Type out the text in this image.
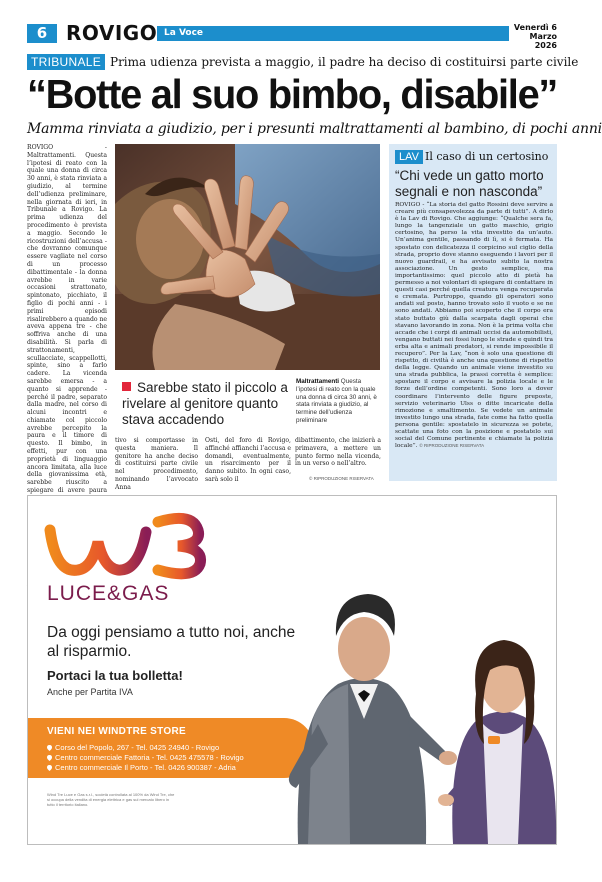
6 ROVIGO La Voce
Venerdì 6
Marzo 2026
TRIBUNALE Prima udienza prevista a maggio, il padre ha deciso di costituirsi parte civile
“Botte al suo bimbo, disabile”
Mamma rinviata a giudizio, per i presunti maltrattamenti al bambino, di pochi anni
ROVIGO - Maltrattamenti. Questa l’ipotesi di reato con la quale una donna di circa 30 anni, è stata rinviata a giudizio, al termine dell’udienza preliminare, nella giornata di ieri, in Tribunale a Rovigo. La prima udienza del procedimento è prevista a maggio. Secondo le ricostruzioni dell’accusa - che dovranno comunque essere vagliate nel corso di un processo dibattimentale - la donna avrebbe in varie occasioni strattonato, spintonato, picchiato, il figlio di pochi anni - i primi episodi risalirebbero a quando ne aveva appena tre - che soffriva anche di una disabilità. Si parla di strattonamenti, scullacciate, scappellotti, spinte, sino a farlo cadere. La vicenda sarebbe emersa - a quanto si apprende - perché il padre, separato dalla madre, nel corso di alcuni incontri e chiamate col piccolo avrebbe percepito la paura e il timore di questo. Il bimbo, in effetti, pur con una proprietà di linguaggio ancora limitata, alla luce della giovanissima età, sarebbe riuscito a spiegare di avere paura
Sarebbe stato il piccolo a rivelare al genitore quanto stava accadendo
Maltrattamenti Questa l’ipotesi di reato con la quale una donna di circa 30 anni, è stata rinviata a giudizio, al termine dell’udienza preliminare
tivo si comportasse in questa maniera. Il genitore ha anche deciso di costituirsi parte civile nel procedimento, nominando l’avvocato Anna
Osti, del foro di Rovigo, affinché affianchi l’accusa e domandi, eventualmente, un risarcimento per il danno subito. In ogni caso, sarà solo il
dibattimento, che inizierà a primavera, a mettere un punto fermo nella vicenda, in un verso o nell’altro.
© RIPRODUZIONE RISERVATA
LAV Il caso di un certosino
“Chi vede un gatto morto segnali e non nasconda”
ROVIGO - “La storia del gatto Rossini deve servire a creare più consapevolezza da parte di tutti”. A dirlo è la Lav di Rovigo. Che aggiunge: “Qualche sera fa, lungo la tangenziale un gatto maschio, grigio certosino, ha perso la vita investito da un’auto. Un’anima gentile, passando di lì, si è fermata. Ha spostato con delicatezza il corpicino sul ciglio della strada, proprio dove stanno eseguendo i lavori per il nuovo guardrail, e ha avvisato subito la nostra associazione. Un gesto semplice, ma importantissimo: quel piccolo atto di pietà ha permesso a noi volontari di spiegare di contattare in questi casi perché quella creatura venga recuperata e cremata. Purtroppo, quando gli operatori sono andati sul posto, hanno trovato solo il vuoto e se ne sono andati. Abbiamo poi scoperto che il corpo era stato buttato giù dalla scarpata dagli operai che stavano lavorando in zona. Non è la prima volta che accade che i corpi di animali uccisi da automobilisti, vengano buttati nei fossi lungo le strade e quindi tra erba alta e animali predatori, si rende impossibile il recupero”. Per la Lav, “non è solo una questione di rispetto, di civiltà è anche una questione di rispetto della legge. Quando un animale viene investito su una strada pubblica, la prassi corretta è semplice: spostare il corpo e avvisare la polizia locale e le forze dell’ordine competenti. Sono loro a dover coordinare l’intervento delle figure preposte, servizio veterinario Ulss o ditte incaricate della rimozione e smaltimento. Se vedete un animale investito lungo una strada, fate come ha fatto quella persona gentile: spostatelo in sicurezza se potete, scattate una foto con la posizione e postatelo sui social del Comune pertinente e chiamate la polizia locale”. © RIPRODUZIONE RISERVATA
LUCE&GAS
Da oggi pensiamo a tutto noi, anche al risparmio.
Portaci la tua bolletta!
Anche per Partita IVA
VIENI NEI WINDTRE STORE
Corso del Popolo, 267 - Tel. 0425 24940 - Rovigo
Centro commerciale Fattoria - Tel. 0425 475578 - Rovigo
Centro commerciale Il Porto - Tel. 0426 900387 - Adria
Wind Tre Luce e Gas s.r.l., società controllata al 100% da Wind Tre, che si occupa della vendita di energia elettrica e gas sul mercato libero in tutto il territorio italiano.
